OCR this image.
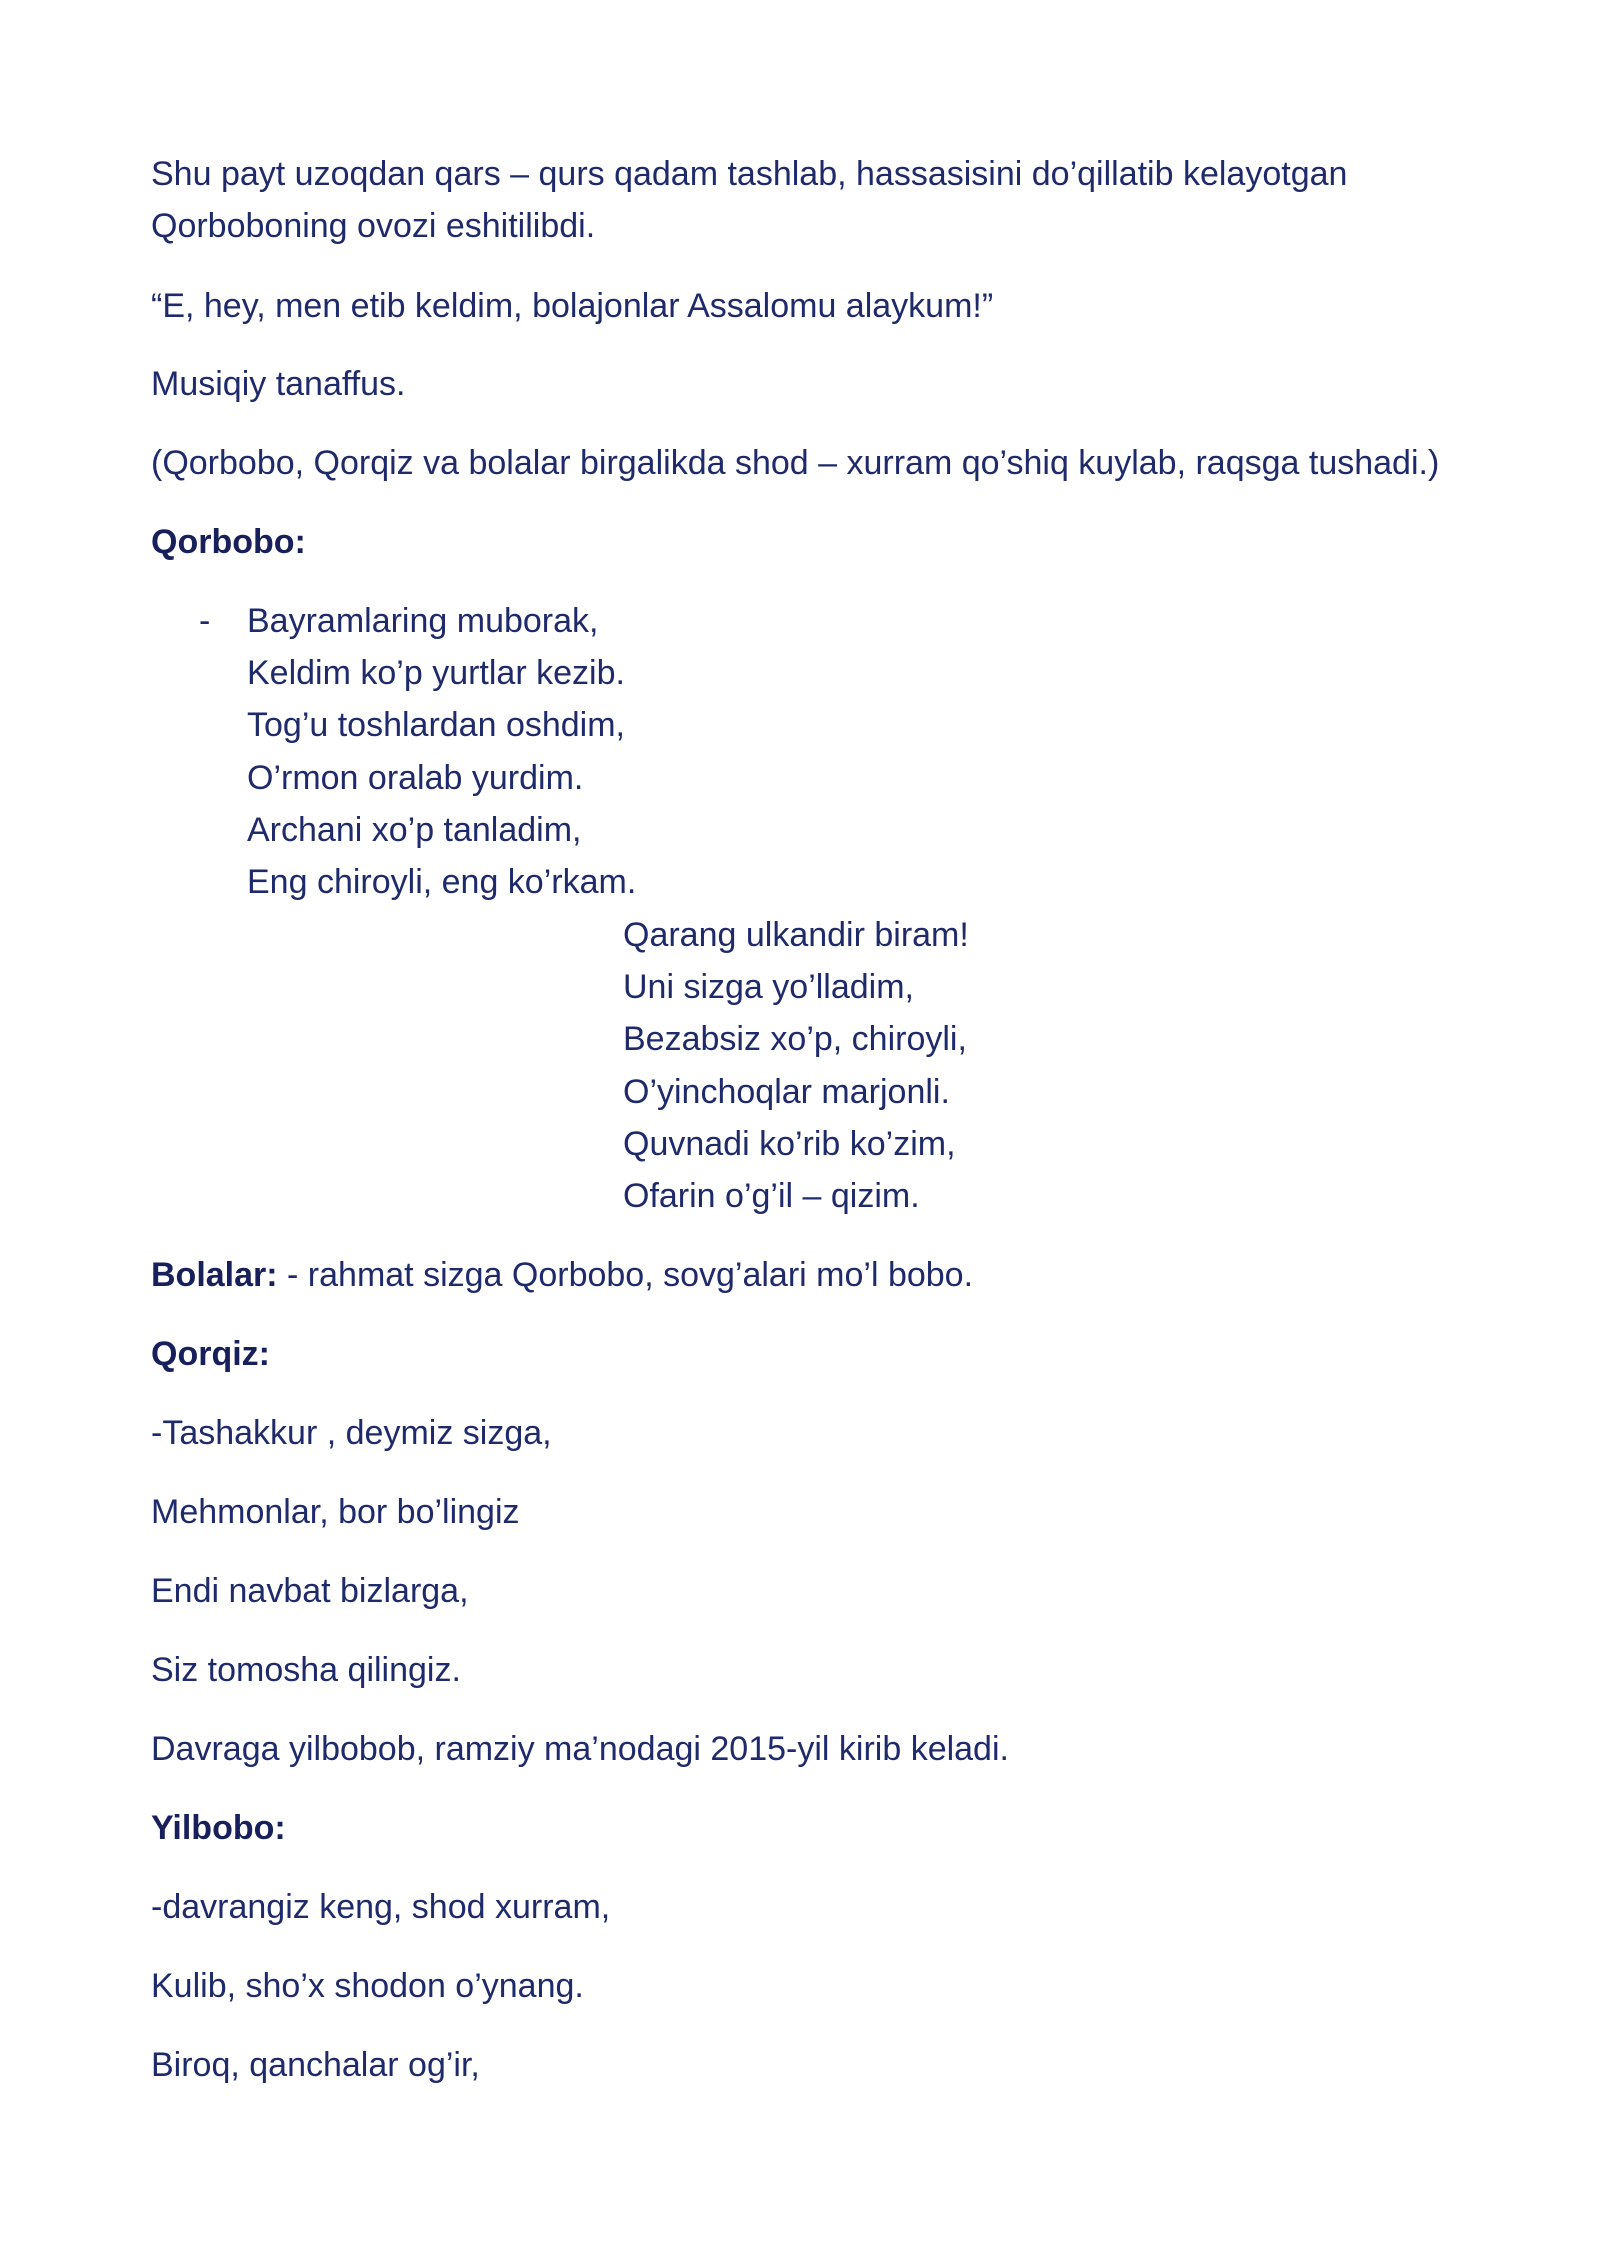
Shu payt uzoqdan qars – qurs qadam tashlab, hassasisini do’qillatib kelayotgan
Qorboboning ovozi eshitilibdi.
“E, hey, men etib keldim, bolajonlar Assalomu alaykum!”
Musiqiy tanaffus.
(Qorbobo, Qorqiz va bolalar birgalikda shod – xurram qo’shiq kuylab, raqsga tushadi.)
Qorbobo:
- Bayramlaring muborak,
Keldim ko’p yurtlar kezib.
Tog’u toshlardan oshdim,
O’rmon oralab yurdim.
Archani xo’p tanladim,
Eng chiroyli, eng ko’rkam.
Qarang ulkandir biram!
Uni sizga yo’lladim,
Bezabsiz xo’p, chiroyli,
O’yinchoqlar marjonli.
Quvnadi ko’rib ko’zim,
Ofarin o’g’il – qizim.
Bolalar: - rahmat sizga Qorbobo, sovg’alari mo’l bobo.
Qorqiz:
-Tashakkur , deymiz sizga,
Mehmonlar, bor bo’lingiz
Endi navbat bizlarga,
Siz tomosha qilingiz.
Davraga yilbobob, ramziy ma’nodagi 2015-yil kirib keladi.
Yilbobo:
-davrangiz keng, shod xurram,
Kulib, sho’x shodon o’ynang.
Biroq, qanchalar og’ir,
